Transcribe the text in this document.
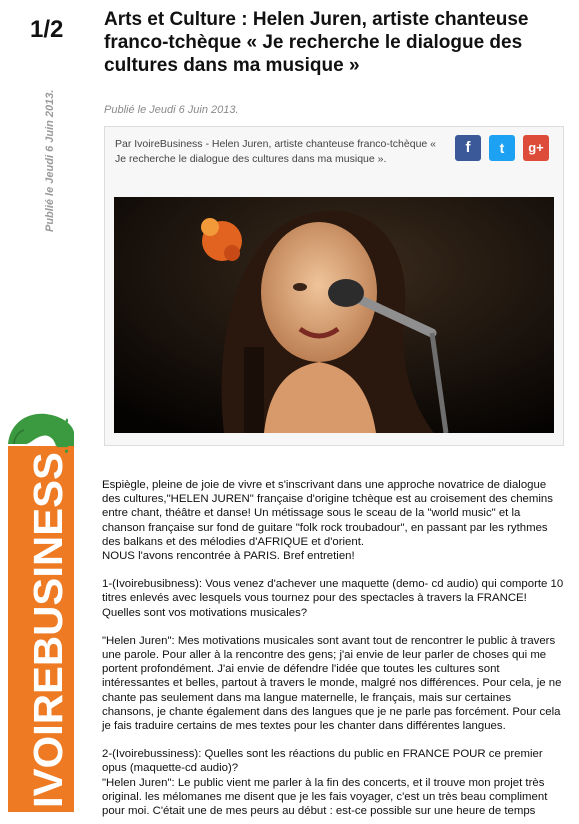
1/2
Publié le Jeudi 6 Juin 2013.
IVOIREBUSINESS
.net
Arts et Culture : Helen Juren, artiste chanteuse franco-tchèque « Je recherche le dialogue des cultures dans ma musique »
Publié le Jeudi 6 Juin 2013.
Par IvoireBusiness - Helen Juren, artiste chanteuse franco-tchèque « Je recherche le dialogue des cultures dans ma musique ».
f	t	g+

Espiègle, pleine de joie de vivre et s'inscrivant dans une approche novatrice de dialogue des cultures,"HELEN JUREN" française d'origine tchèque est au croisement des chemins entre chant, théâtre et danse! Un métissage sous le sceau de la "world music" et la chanson française sur fond de guitare "folk rock troubadour", en passant par les rythmes des balkans et des mélodies d'AFRIQUE et d'orient.

NOUS l'avons rencontrée à PARIS. Bref entretien!

1-(Ivoirebusibness): Vous venez d'achever une maquette (demo- cd audio) qui comporte 10 titres enlevés avec lesquels vous tournez pour des spectacles à travers la FRANCE! Quelles sont vos motivations musicales?

"Helen Juren": Mes motivations musicales sont avant tout de rencontrer le public à travers une parole. Pour aller à la rencontre des gens; j'ai envie de leur parler de choses qui me portent profondément. J'ai envie de défendre l'idée que toutes les cultures sont intéressantes et belles, partout à travers le monde, malgré nos différences. Pour cela, je ne chante pas seulement dans ma langue maternelle, le français, mais sur certaines chansons, je chante également dans des langues que je ne parle pas forcément. Pour cela je fais traduire certains de mes textes pour les chanter dans différentes langues.

2-(Ivoirebussiness): Quelles sont les réactions du public en FRANCE POUR ce premier opus (maquette-cd audio)?

"Helen Juren": Le public vient me parler à la fin des concerts, et il trouve mon projet très original. les mélomanes me disent que je les fais voyager, c'est un très beau compliment pour moi. C'était une de mes peurs au début : est-ce possible sur une heure de temps
